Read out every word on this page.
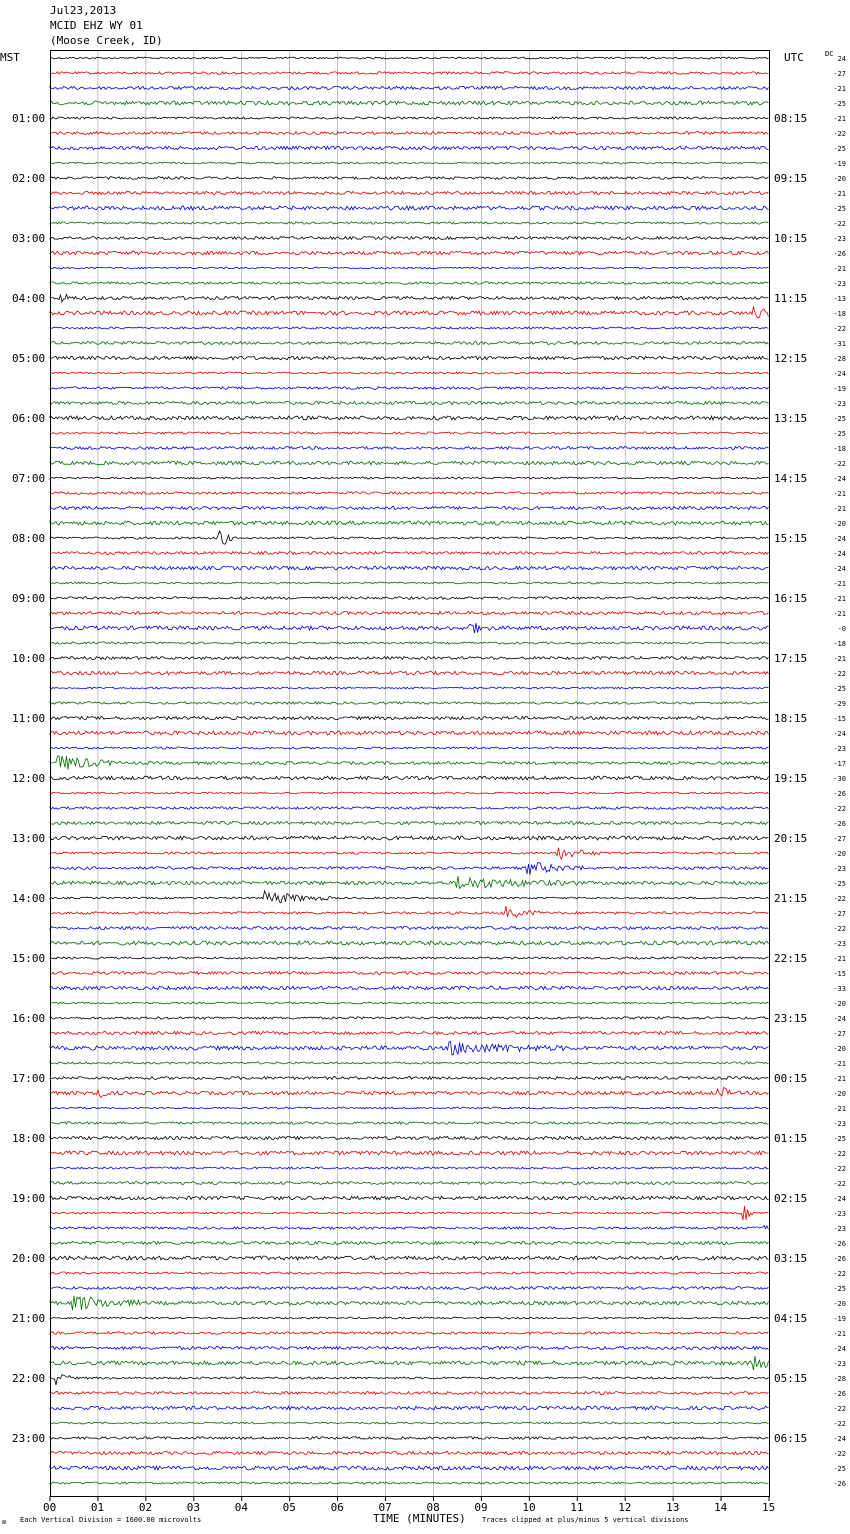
Jul23,2013
MCID EHZ WY 01
(Moose Creek, ID)
MST	UTC	DC
01:00
02:00
03:00
04:00
05:00
06:00
07:00
08:00
09:00
10:00
11:00
12:00
13:00
14:00
15:00
16:00
17:00
18:00
19:00
20:00
21:00
22:00
23:00
08:15
09:15
10:15
11:15
12:15
13:15
14:15
15:15
16:15
17:15
18:15
19:15
20:15
21:15
22:15
23:15
00:15
01:15
02:15
03:15
04:15
05:15
06:15
24
-27
-21
-25
-21
-22
-25
-19
-20
-21
-25
-22
-23
-26
-21
-23
-13
-18
-22
-31
-28
-24
-19
-23
-25
-25
-18
-22
-24
-21
-21
-20
-24
-24
-24
-21
-21
-21
-0
-18
-21
-22
-25
-29
-15
-24
-23
-17
-30
-26
-22
-26
-27
-20
-23
-25
-22
-27
-22
-23
-21
-15
-33
-20
-24
-27
-20
-21
-21
-20
-21
-23
-25
-22
-22
-22
-24
-23
-23
-26
-26
-22
-25
-20
-19
-21
-24
-23
-28
-26
-22
-22
-24
-22
-25
-26
00	01	02	03	04	05	06	07	08	09	10	11	12	13	14	15
TIME (MINUTES)
Each Vertical Division = 1600.00 microvolts	Traces clipped at plus/minus 5 vertical divisions
ʍ
